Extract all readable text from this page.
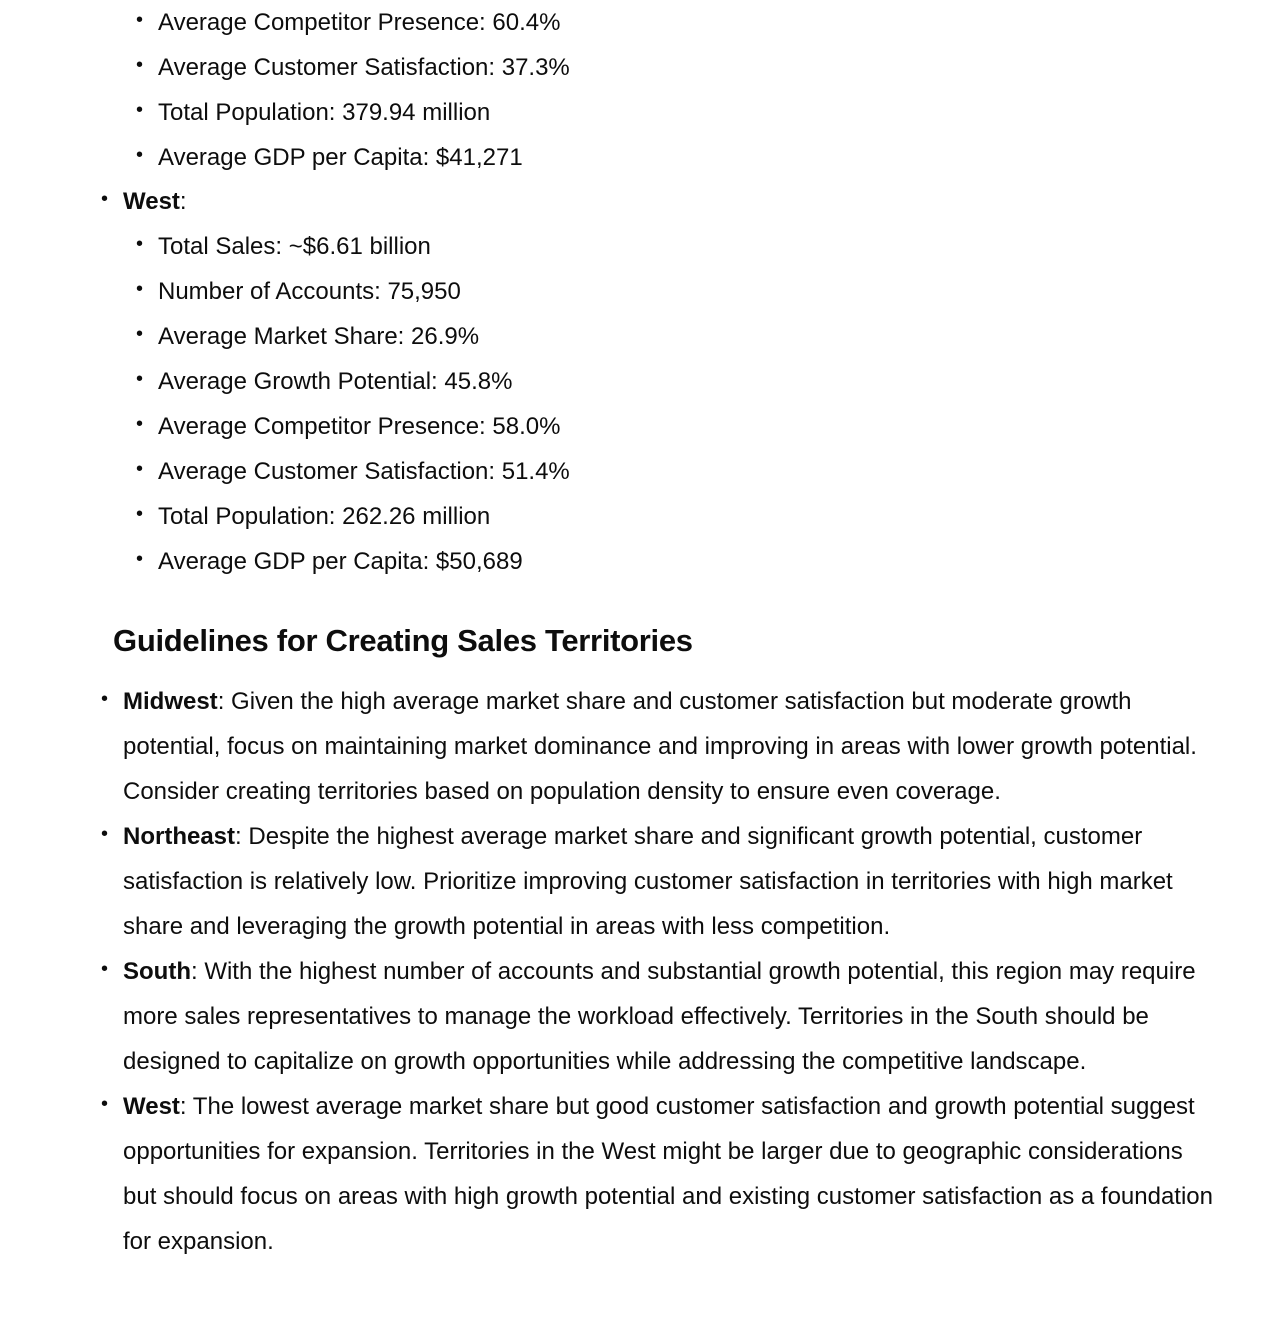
• Average Competitor Presence: 60.4%
• Average Customer Satisfaction: 37.3%
• Total Population: 379.94 million
• Average GDP per Capita: $41,271
• West:
• Total Sales: ~$6.61 billion
• Number of Accounts: 75,950
• Average Market Share: 26.9%
• Average Growth Potential: 45.8%
• Average Competitor Presence: 58.0%
• Average Customer Satisfaction: 51.4%
• Total Population: 262.26 million
• Average GDP per Capita: $50,689
Guidelines for Creating Sales Territories
• Midwest: Given the high average market share and customer satisfaction but moderate growth potential, focus on maintaining market dominance and improving in areas with lower growth potential. Consider creating territories based on population density to ensure even coverage.
• Northeast: Despite the highest average market share and significant growth potential, customer satisfaction is relatively low. Prioritize improving customer satisfaction in territories with high market share and leveraging the growth potential in areas with less competition.
• South: With the highest number of accounts and substantial growth potential, this region may require more sales representatives to manage the workload effectively. Territories in the South should be designed to capitalize on growth opportunities while addressing the competitive landscape.
• West: The lowest average market share but good customer satisfaction and growth potential suggest opportunities for expansion. Territories in the West might be larger due to geographic considerations but should focus on areas with high growth potential and existing customer satisfaction as a foundation for expansion.
